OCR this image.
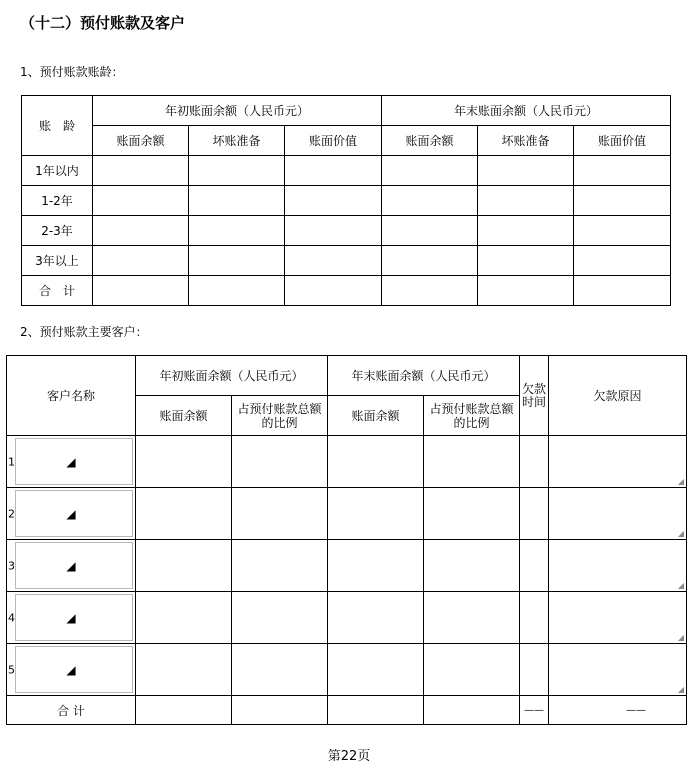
（十二）预付账款及客户
1、预付账款账龄：
账　龄	年初账面余额（人民币元）			年末账面余额（人民币元）		
	账面余额	坏账准备	账面价值	账面余额	坏账准备	账面价值
1年以内						
1-2年						
2-3年						
3年以上						
合　计						
2、预付账款主要客户：
客户名称	年初账面余额（人民币元）		年末账面余额（人民币元）		欠款时间	欠款原因
	账面余额	占预付账款总额的比例	账面余额	占预付账款总额的比例		

1 ◢						◢

2 ◢						◢

3 ◢						◢

4 ◢						◢

5 ◢						◢

合 计					——	——
第22页
